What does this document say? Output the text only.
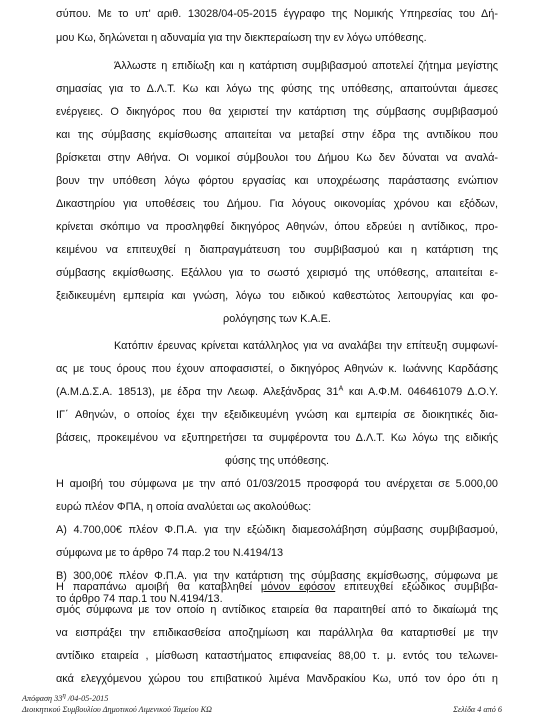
σύπου. Με το υπ' αριθ. 13028/04-05-2015 έγγραφο της Νομικής Υπηρεσίας του Δή-
μου Κω, δηλώνεται η αδυναμία για την διεκπεραίωση την εν λόγω υπόθεσης.
Άλλωστε η επιδίωξη και η κατάρτιση συμβιβασμού αποτελεί ζήτημα μεγίστης
σημασίας για το Δ.Λ.Τ. Κω και λόγω της φύσης της υπόθεσης, απαιτούνται άμεσες
ενέργειες. Ο δικηγόρος που θα χειριστεί την κατάρτιση της σύμβασης συμβιβασμού
και της σύμβασης εκμίσθωσης απαιτείται να μεταβεί στην έδρα της αντιδίκου που
βρίσκεται στην Αθήνα. Οι νομικοί σύμβουλοι του Δήμου Κω δεν δύναται να αναλά-
βουν την υπόθεση λόγω φόρτου εργασίας και υποχρέωσης παράστασης ενώπιον
Δικαστηρίου για υποθέσεις του Δήμου. Για λόγους οικονομίας χρόνου και εξόδων,
κρίνεται σκόπιμο να προσληφθεί δικηγόρος Αθηνών, όπου εδρεύει η αντίδικος, προ-
κειμένου να επιτευχθεί η διαπραγμάτευση του συμβιβασμού και η κατάρτιση της
σύμβασης εκμίσθωσης. Εξάλλου για το σωστό χειρισμό της υπόθεσης, απαιτείται ε-
ξειδικευμένη εμπειρία και γνώση, λόγω του ειδικού καθεστώτος λειτουργίας και φο-
ρολόγησης των Κ.Α.Ε.
Κατόπιν έρευνας κρίνεται κατάλληλος για να αναλάβει την επίτευξη συμφωνί-
ας με τους όρους που έχουν αποφασιστεί, ο δικηγόρος Αθηνών κ. Ιωάννης Καρδάσης
(Α.Μ.Δ.Σ.Α. 18513), με έδρα την Λεωφ. Αλεξάνδρας $31^A$ και Α.Φ.Μ. 046461079 Δ.Ο.Υ.
ΙΓ΄ Αθηνών, ο οποίος έχει την εξειδικευμένη γνώση και εμπειρία σε διοικητικές δια-
βάσεις, προκειμένου να εξυπηρετήσει τα συμφέροντα του Δ.Λ.Τ. Κω λόγω της ειδικής
φύσης της υπόθεσης.
Η αμοιβή του σύμφωνα με την από 01/03/2015 προσφορά του ανέρχεται σε 5.000,00
ευρώ πλέον ΦΠΑ, η οποία αναλύεται ως ακολούθως:
Α) 4.700,00€ πλέον Φ.Π.Α. για την εξώδικη διαμεσολάβηση σύμβασης συμβιβασμού,
σύμφωνα με το άρθρο 74 παρ.2 του Ν.4194/13
Β) 300,00€ πλέον Φ.Π.Α. για την κατάρτιση της σύμβασης εκμίσθωσης, σύμφωνα με
το άρθρο 74 παρ.1 του Ν.4194/13.
Η παραπάνω αμοιβή θα καταβληθεί μόνον εφόσον επιτευχθεί εξώδικος συμβιβα-
σμός σύμφωνα με τον οποίο η αντίδικος εταιρεία θα παραιτηθεί από το δικαίωμά της
να εισπράξει την επιδικασθείσα αποζημίωση και παράλληλα θα καταρτισθεί με την
αντίδικο εταιρεία , μίσθωση καταστήματος επιφανείας 88,00 τ. μ. εντός του τελωνει-
ακά ελεγχόμενου χώρου του επιβατικού λιμένα Μανδρακίου Κω, υπό τον όρο ότι η
Απόφαση $33^\eta$ /04-05-2015
Διοικητικού Συμβουλίου Δημοτικού Λιμενικού Ταμείου ΚΩ	Σελίδα 4 από 6
